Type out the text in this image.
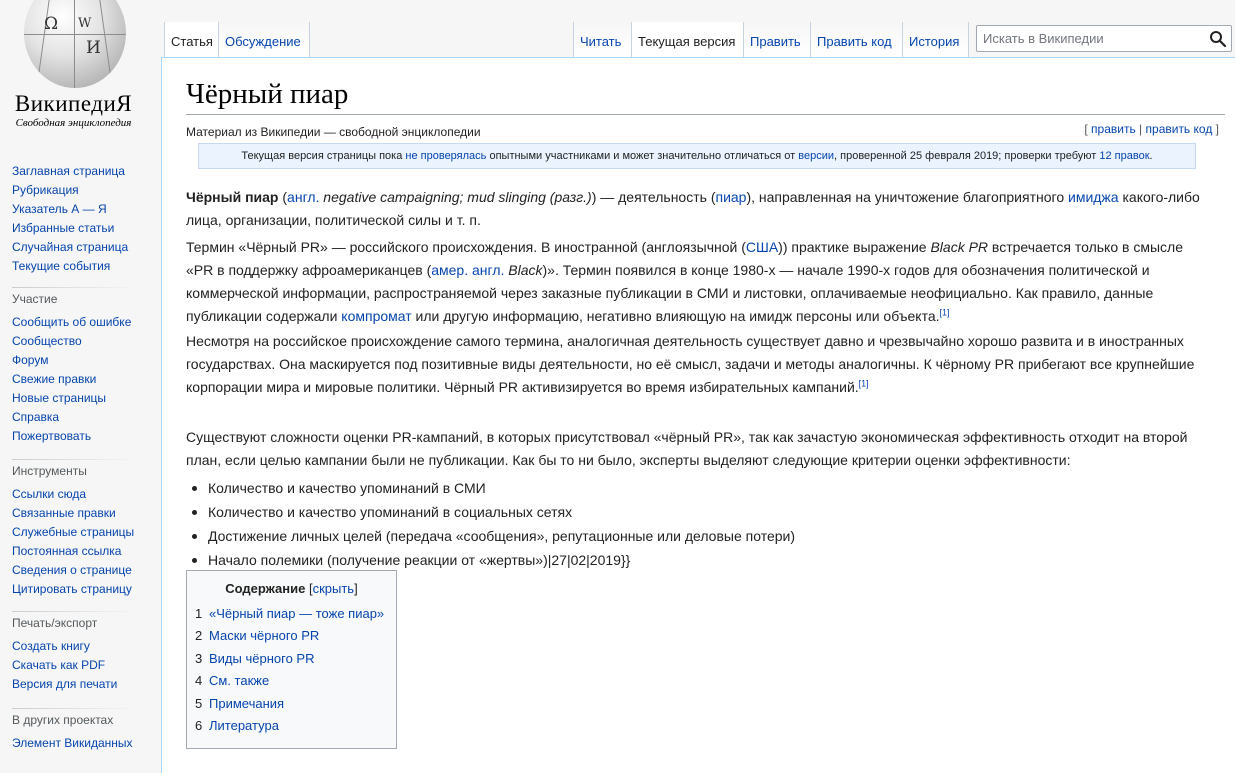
Ω W
И
ВикипедиЯ
Свободная энциклопедия
Заглавная страница
Рубрикация
Указатель А — Я
Избранные статьи
Случайная страница
Текущие события
Участие
Сообщить об ошибке
Сообщество
Форум
Свежие правки
Новые страницы
Справка
Пожертвовать
Инструменты
Ссылки сюда
Связанные правки
Служебные страницы
Постоянная ссылка
Сведения о странице
Цитировать страницу
Печать/экспорт
Создать книгу
Скачать как PDF
Версия для печати
В других проектах
Элемент Викиданных
Статья Обсуждение	Читать	Текущая версия	Править	Править код	История
Искать в Википедии
Чёрный пиар
Материал из Википедии — свободной энциклопедии	[ править | править код ]
Текущая версия страницы пока не проверялась опытными участниками и может значительно отличаться от версии, проверенной 25 февраля 2019; проверки требуют 12 правок.
Чёрный пиар (англ. negative campaigning; mud slinging (разг.)) — деятельность (пиар), направленная на уничтожение благоприятного имиджа какого-либо лица, организации, политической силы и т. п.
Термин «Чёрный PR» — российского происхождения. В иностранной (англоязычной (США)) практике выражение Black PR встречается только в смысле «PR в поддержку афроамериканцев (амер. англ. Black)». Термин появился в конце 1980-х — начале 1990-х годов для обозначения политической и коммерческой информации, распространяемой через заказные публикации в СМИ и листовки, оплачиваемые неофициально. Как правило, данные публикации содержали компромат или другую информацию, негативно влияющую на имидж персоны или объекта.[1]
Несмотря на российское происхождение самого термина, аналогичная деятельность существует давно и чрезвычайно хорошо развита и в иностранных государствах. Она маскируется под позитивные виды деятельности, но её смысл, задачи и методы аналогичны. К чёрному PR прибегают все крупнейшие корпорации мира и мировые политики. Чёрный PR активизируется во время избирательных кампаний.[1]
Существуют сложности оценки PR-кампаний, в которых присутствовал «чёрный PR», так как зачастую экономическая эффективность отходит на второй план, если целью кампании были не публикации. Как бы то ни было, эксперты выделяют следующие критерии оценки эффективности:
Количество и качество упоминаний в СМИ
Количество и качество упоминаний в социальных сетях
Достижение личных целей (передача «сообщения», репутационные или деловые потери)
Начало полемики (получение реакции от «жертвы»)|27|02|2019}}
Содержание [скрыть]
1 «Чёрный пиар — тоже пиар»
2 Маски чёрного PR
3 Виды чёрного PR
4 См. также
5 Примечания
6 Литература
